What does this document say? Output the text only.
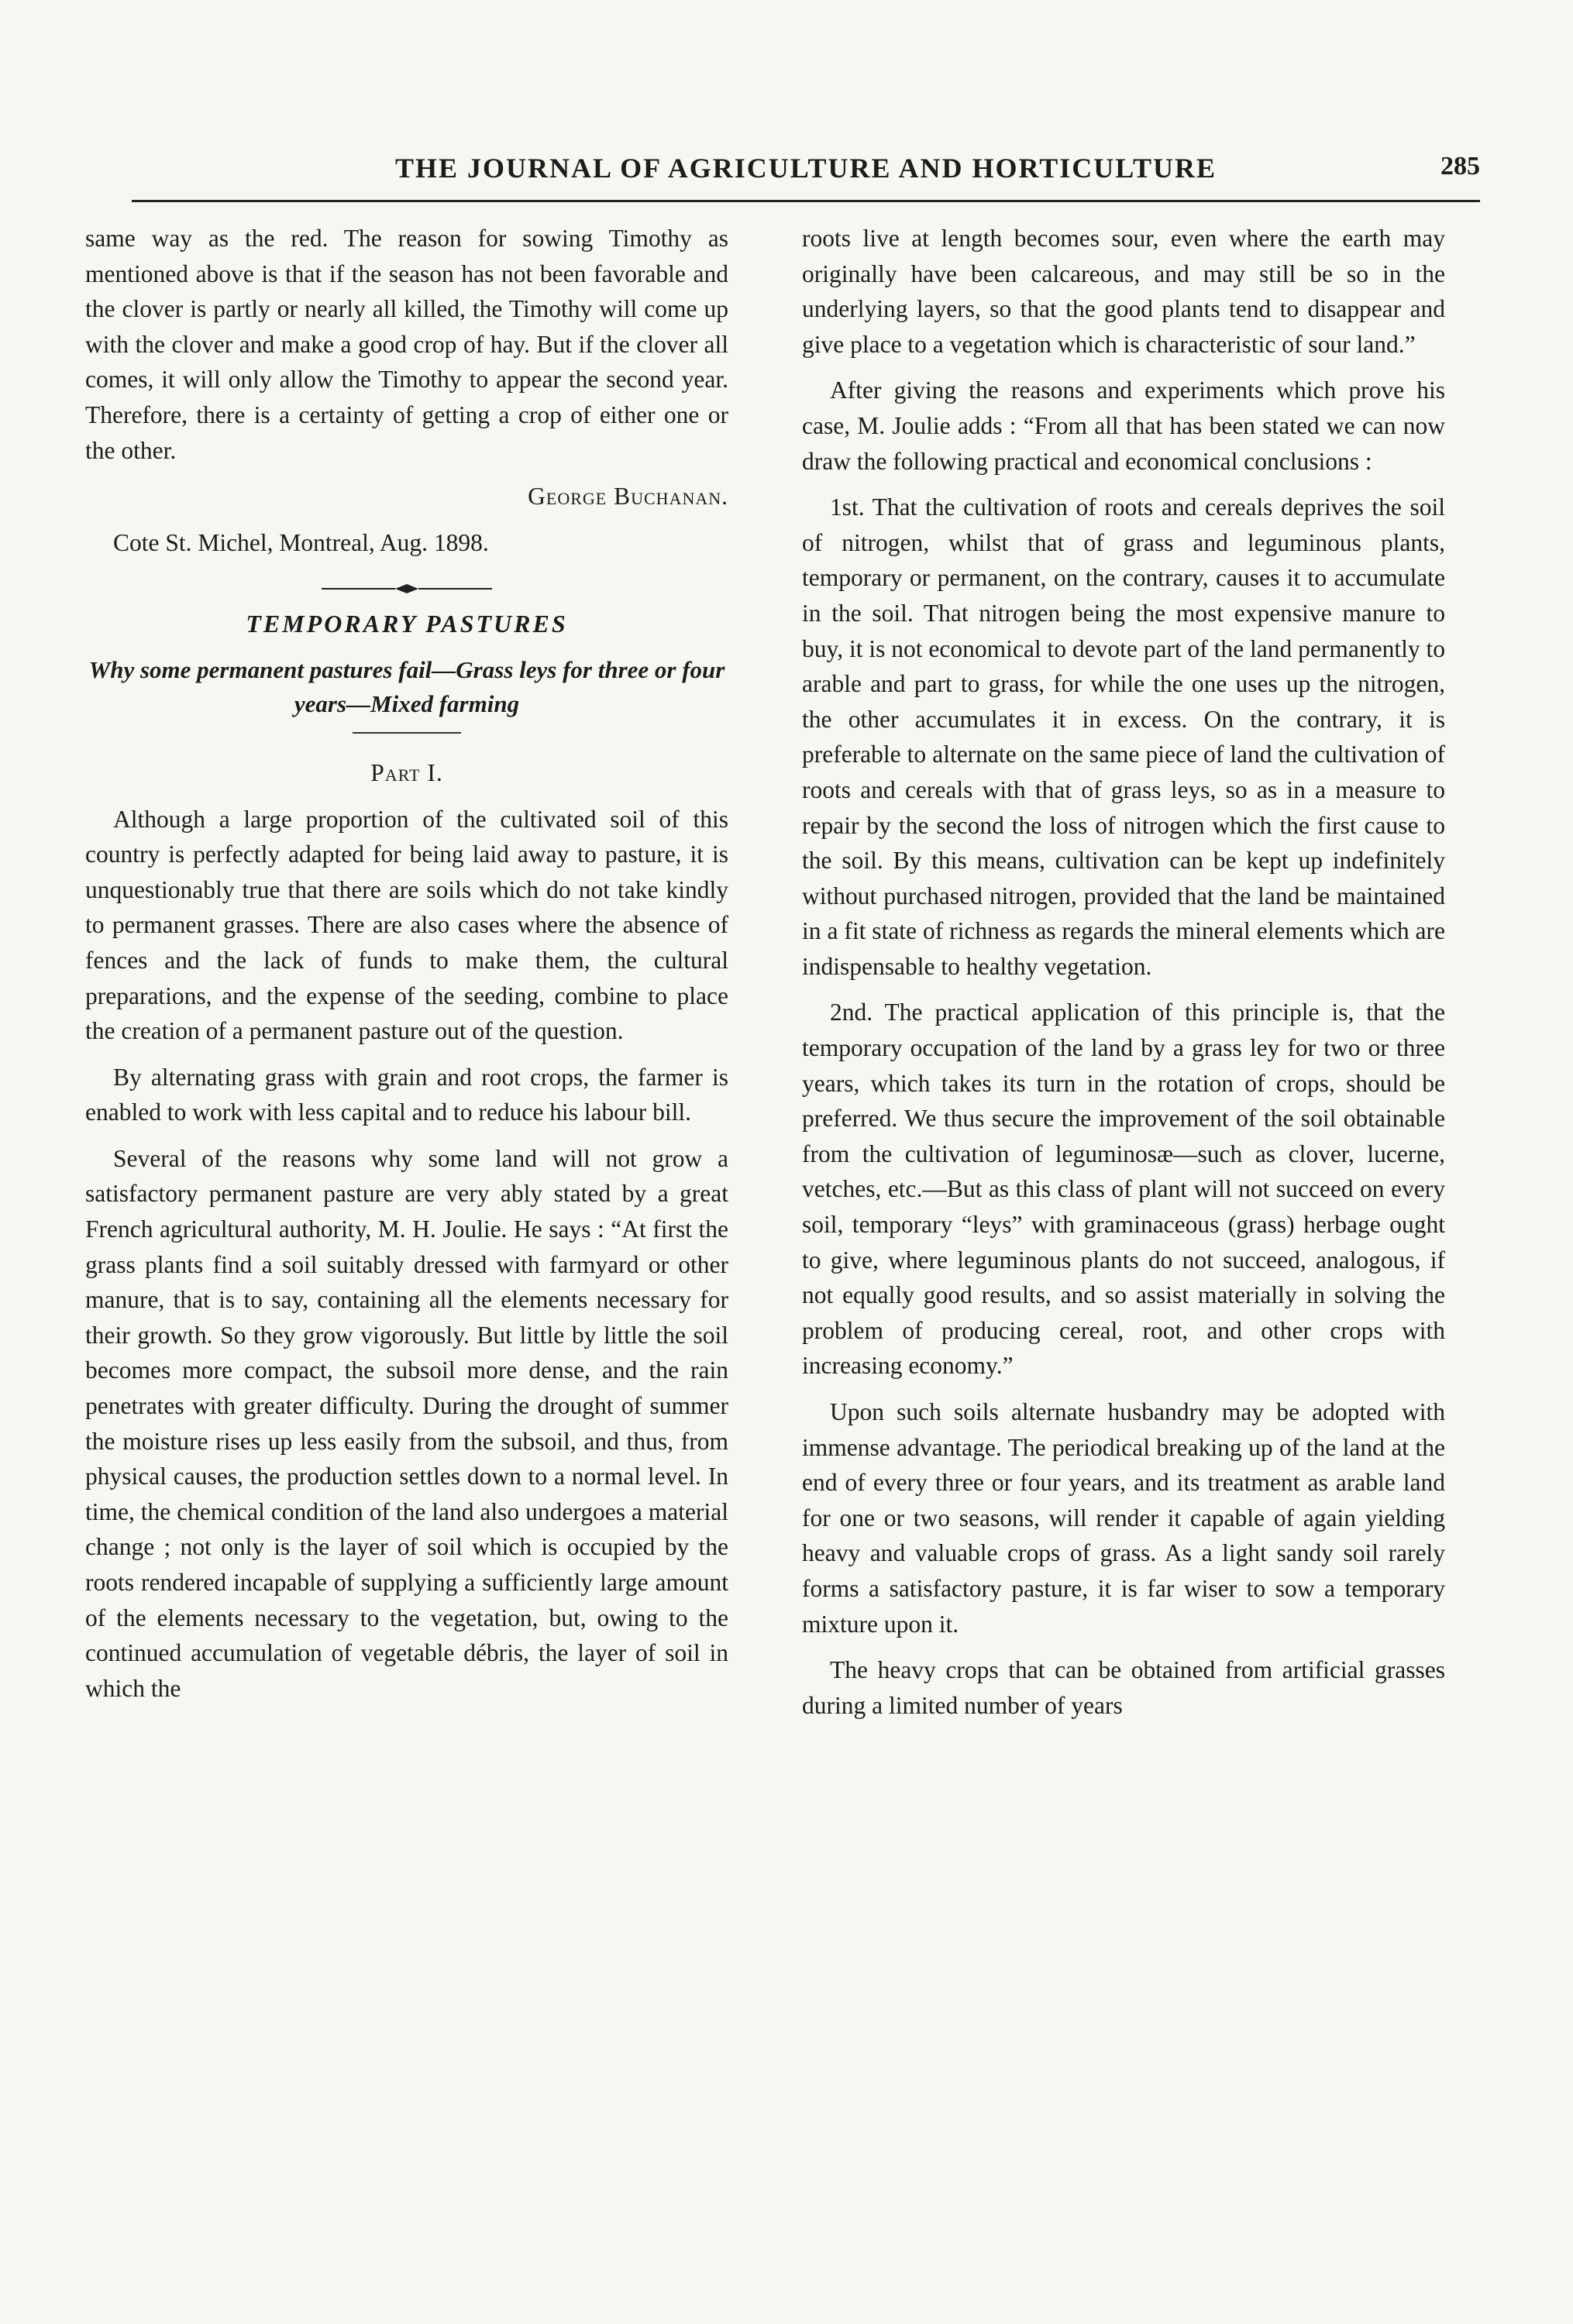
THE JOURNAL OF AGRICULTURE AND HORTICULTURE	285

same way as the red. The reason for sowing Timothy as mentioned above is that if the season has not been favorable and the clover is partly or nearly all killed, the Timothy will come up with the clover and make a good crop of hay. But if the clover all comes, it will only allow the Timothy to appear the second year. Therefore, there is a certainty of getting a crop of either one or the other.

George Buchanan.

Cote St. Michel, Montreal, Aug. 1898.

TEMPORARY PASTURES

Why some permanent pastures fail—Grass leys for three or four years—Mixed farming

Part I.

Although a large proportion of the cultivated soil of this country is perfectly adapted for being laid away to pasture, it is unquestionably true that there are soils which do not take kindly to permanent grasses. There are also cases where the absence of fences and the lack of funds to make them, the cultural preparations, and the expense of the seeding, combine to place the creation of a permanent pasture out of the question.

By alternating grass with grain and root crops, the farmer is enabled to work with less capital and to reduce his labour bill.

Several of the reasons why some land will not grow a satisfactory permanent pasture are very ably stated by a great French agricultural authority, M. H. Joulie. He says : “At first the grass plants find a soil suitably dressed with farmyard or other manure, that is to say, containing all the elements necessary for their growth. So they grow vigorously. But little by little the soil becomes more compact, the subsoil more dense, and the rain penetrates with greater difficulty. During the drought of summer the moisture rises up less easily from the subsoil, and thus, from physical causes, the production settles down to a normal level. In time, the chemical condition of the land also undergoes a material change ; not only is the layer of soil which is occupied by the roots rendered incapable of supplying a sufficiently large amount of the elements necessary to the vegetation, but, owing to the continued accumulation of vegetable débris, the layer of soil in which the

roots live at length becomes sour, even where the earth may originally have been calcareous, and may still be so in the underlying layers, so that the good plants tend to disappear and give place to a vegetation which is characteristic of sour land.”

After giving the reasons and experiments which prove his case, M. Joulie adds : “From all that has been stated we can now draw the following practical and economical conclusions :

1st. That the cultivation of roots and cereals deprives the soil of nitrogen, whilst that of grass and leguminous plants, temporary or permanent, on the contrary, causes it to accumulate in the soil. That nitrogen being the most expensive manure to buy, it is not economical to devote part of the land permanently to arable and part to grass, for while the one uses up the nitrogen, the other accumulates it in excess. On the contrary, it is preferable to alternate on the same piece of land the cultivation of roots and cereals with that of grass leys, so as in a measure to repair by the second the loss of nitrogen which the first cause to the soil. By this means, cultivation can be kept up indefinitely without purchased nitrogen, provided that the land be maintained in a fit state of richness as regards the mineral elements which are indispensable to healthy vegetation.

2nd. The practical application of this principle is, that the temporary occupation of the land by a grass ley for two or three years, which takes its turn in the rotation of crops, should be preferred. We thus secure the improvement of the soil obtainable from the cultivation of leguminosæ—such as clover, lucerne, vetches, etc.—But as this class of plant will not succeed on every soil, temporary “leys” with graminaceous (grass) herbage ought to give, where leguminous plants do not succeed, analogous, if not equally good results, and so assist materially in solving the problem of producing cereal, root, and other crops with increasing economy.”

Upon such soils alternate husbandry may be adopted with immense advantage. The periodical breaking up of the land at the end of every three or four years, and its treatment as arable land for one or two seasons, will render it capable of again yielding heavy and valuable crops of grass. As a light sandy soil rarely forms a satisfactory pasture, it is far wiser to sow a temporary mixture upon it.

The heavy crops that can be obtained from artificial grasses during a limited number of years
